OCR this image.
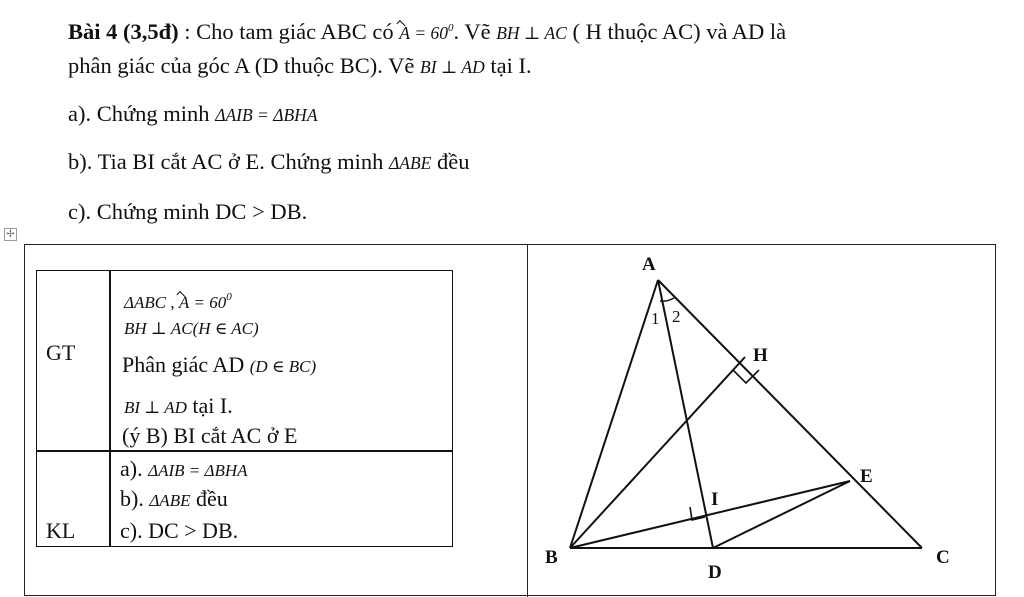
Bài 4 (3,5đ) : Cho tam giác ABC có $A = 60^0$. Vẽ BH ⊥ AC ( H thuộc AC) và AD là
phân giác của góc A (D thuộc BC). Vẽ BI ⊥ AD tại I.
a). Chứng minh ΔAIB = ΔBHA
b). Tia BI cắt AC ở E. Chứng minh ΔABE đều
c). Chứng minh DC > DB.
✢
GT
KL
ΔABC , $A = 60^0$
BH ⊥ AC(H ∈ AC)
Phân giác AD (D ∈ BC)
BI ⊥ AD tại I.
(ý B) BI cắt AC ở E
a). ΔAIB = ΔBHA
b). ΔABE đều
c). DC > DB.
A
B	C
D
E
H
I
1 2
